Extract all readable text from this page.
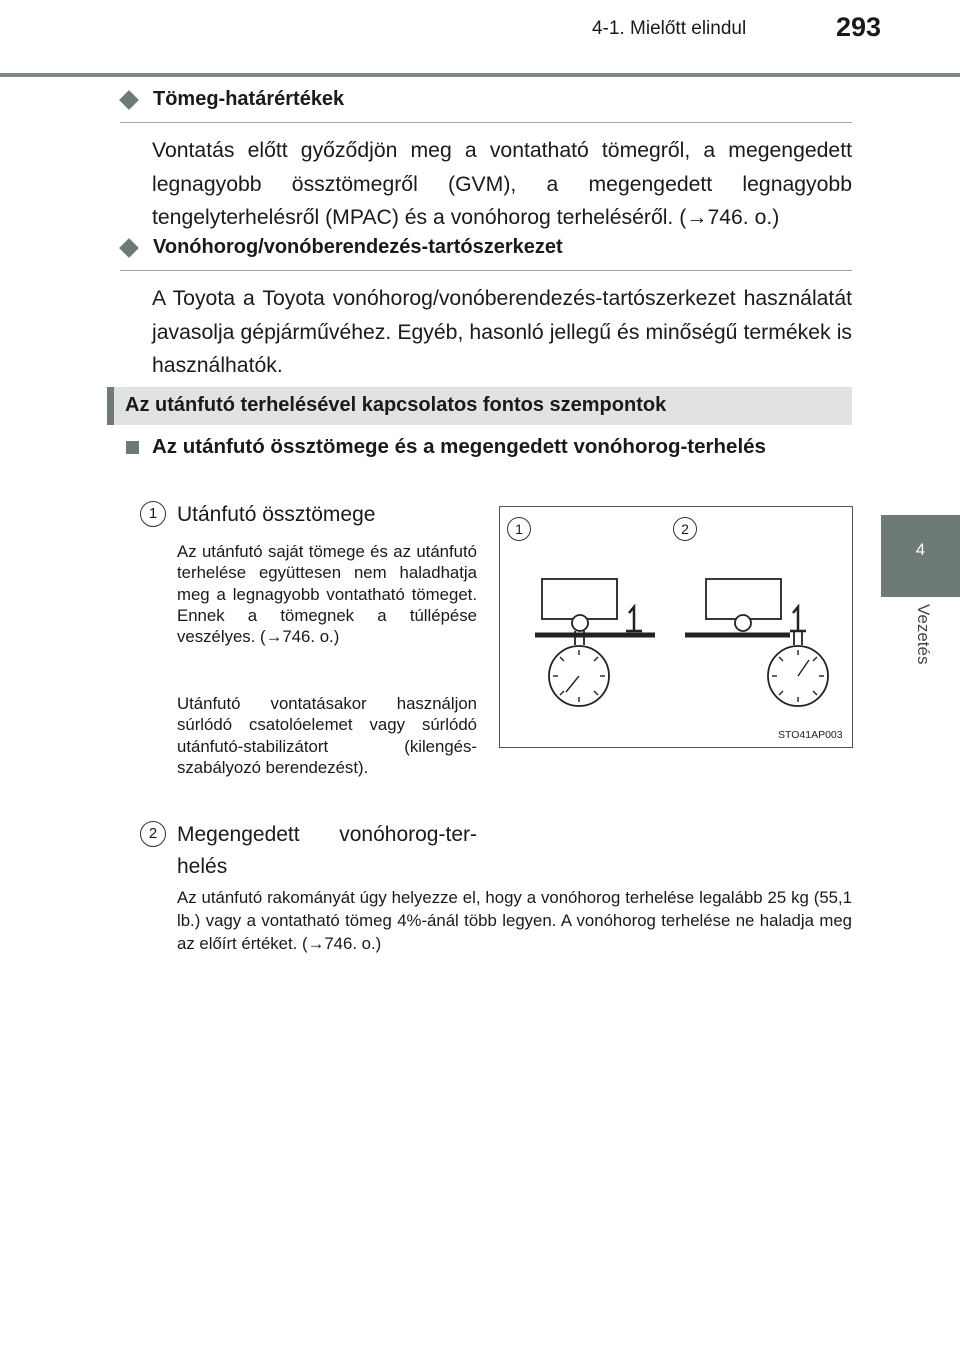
4-1. Mielőtt elindul	293
4
Vezetés
Tömeg-határértékek
Vontatás előtt győződjön meg a vontatható tömegről, a megengedett legnagyobb össztömegről (GVM), a megengedett legnagyobb tengelyterhelésről (MPAC) és a vonóhorog terheléséről. (→746. o.)
Vonóhorog/vonóberendezés-tartószerkezet
A Toyota a Toyota vonóhorog/vonóberendezés-tartószerkezet használatát javasolja gépjárművéhez. Egyéb, hasonló jellegű és minőségű termékek is használhatók.
Az utánfutó terhelésével kapcsolatos fontos szempontok
Az utánfutó össztömege és a megengedett vonóhorog-terhelés
1 Utánfutó össztömege
Az utánfutó saját tömege és az utánfutó terhelése együttesen nem haladhatja meg a legnagyobb vontatható tömeget. Ennek a tömegnek a túllépése veszélyes. (→746. o.)
Utánfutó vontatásakor használjon súrlódó csatolóelemet vagy súrlódó utánfutó-stabilizátort (kilengés-szabályozó berendezést).
2 Megengedett vonóhorog-terhelés
Az utánfutó rakományát úgy helyezze el, hogy a vonóhorog terhelése legalább 25 kg (55,1 lb.) vagy a vontatható tömeg 4%-ánál több legyen. A vonóhorog terhelése ne haladja meg az előírt értéket. (→746. o.)
1	2
STO41AP003
